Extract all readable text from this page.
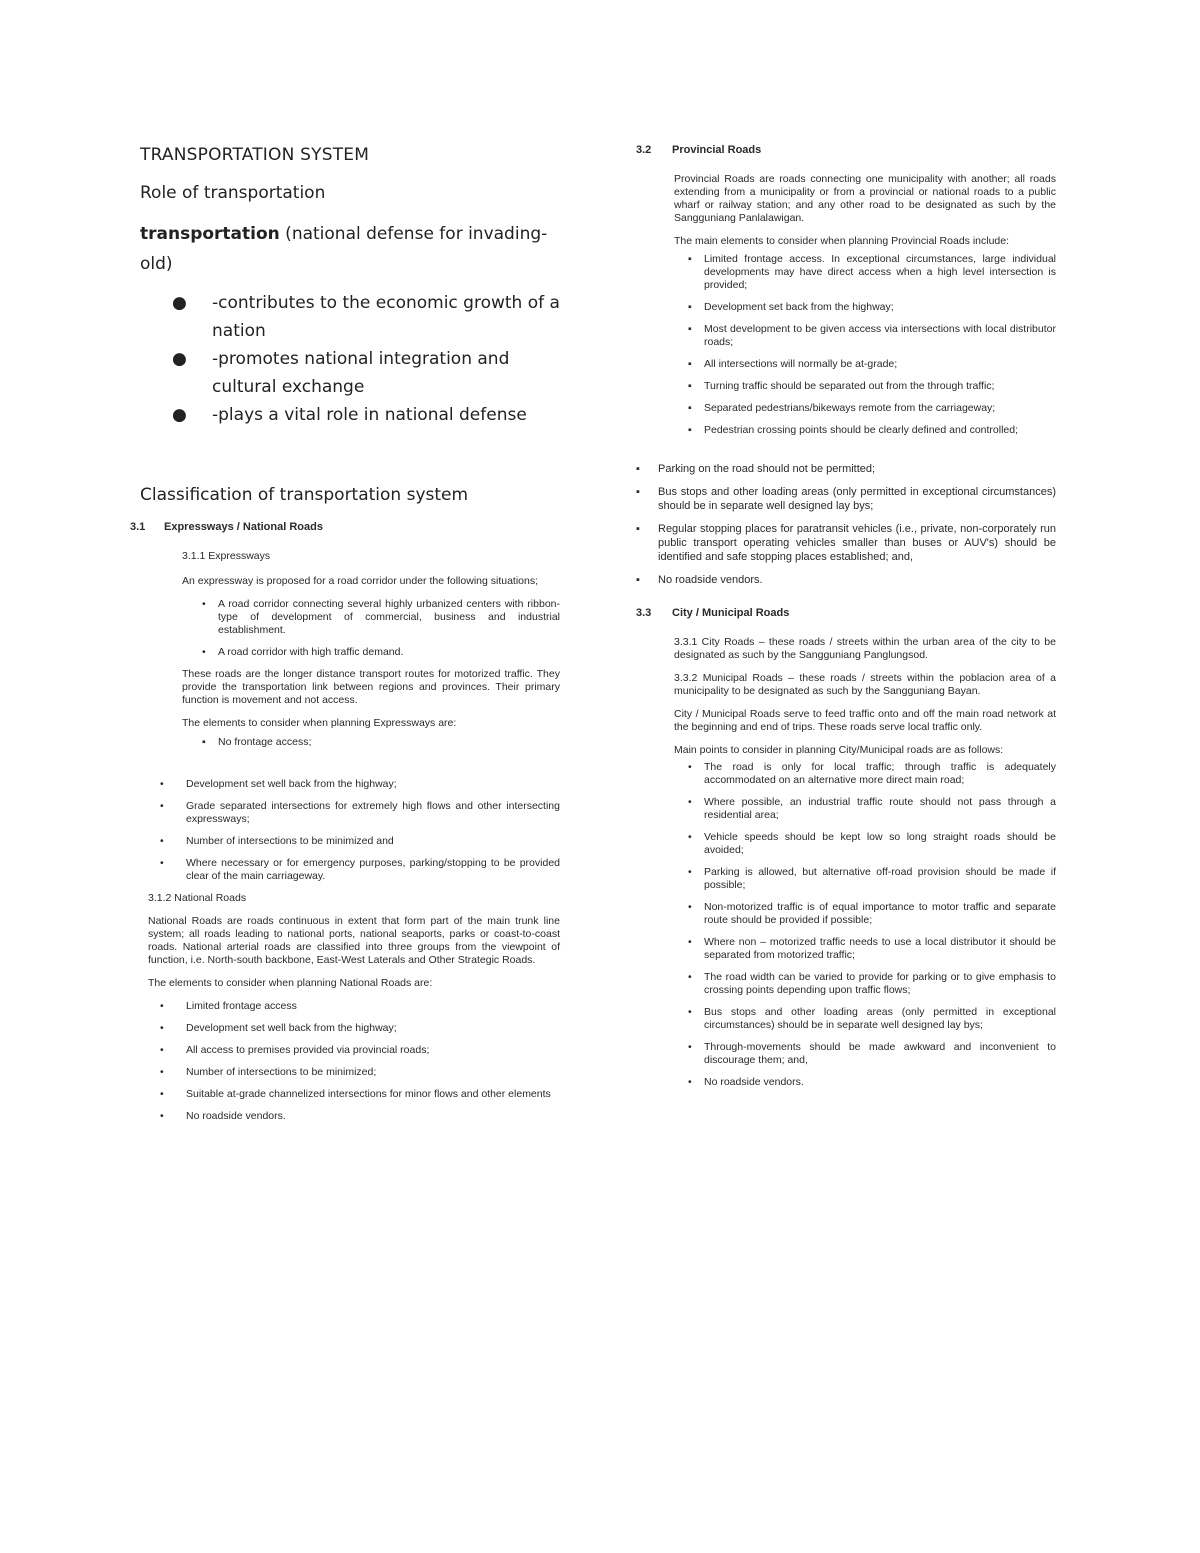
TRANSPORTATION SYSTEM
Role of transportation
transportation (national defense for invading-old)
● -contributes to the economic growth of a nation
● -promotes national integration and cultural exchange
● -plays a vital role in national defense
Classification of transportation system
3.1	Expressways / National Roads
3.1.1 Expressways
An expressway is proposed for a road corridor under the following situations;
• A road corridor connecting several highly urbanized centers with ribbon-type of development of commercial, business and industrial establishment.
• A road corridor with high traffic demand.
These roads are the longer distance transport routes for motorized traffic. They provide the transportation link between regions and provinces. Their primary function is movement and not access.
The elements to consider when planning Expressways are:
▪ No frontage access;
• Development set well back from the highway;
• Grade separated intersections for extremely high flows and other intersecting expressways;
• Number of intersections to be minimized and
• Where necessary or for emergency purposes, parking/stopping to be provided clear of the main carriageway.
3.1.2 National Roads
National Roads are roads continuous in extent that form part of the main trunk line system; all roads leading to national ports, national seaports, parks or coast-to-coast roads. National arterial roads are classified into three groups from the viewpoint of function, i.e. North-south backbone, East-West Laterals and Other Strategic Roads.
The elements to consider when planning National Roads are:
• Limited frontage access
• Development set well back from the highway;
• All access to premises provided via provincial roads;
• Number of intersections to be minimized;
• Suitable at-grade channelized intersections for minor flows and other elements
• No roadside vendors.
3.2	Provincial Roads
Provincial Roads are roads connecting one municipality with another; all roads extending from a municipality or from a provincial or national roads to a public wharf or railway station; and any other road to be designated as such by the Sangguniang Panlalawigan.
The main elements to consider when planning Provincial Roads include:
▪ Limited frontage access. In exceptional circumstances, large individual developments may have direct access when a high level intersection is provided;
▪ Development set back from the highway;
▪ Most development to be given access via intersections with local distributor roads;
▪ All intersections will normally be at-grade;
▪ Turning traffic should be separated out from the through traffic;
▪ Separated pedestrians/bikeways remote from the carriageway;
▪ Pedestrian crossing points should be clearly defined and controlled;
▪ Parking on the road should not be permitted;
▪ Bus stops and other loading areas (only permitted in exceptional circumstances) should be in separate well designed lay bys;
▪ Regular stopping places for paratransit vehicles (i.e., private, non-corporately run public transport operating vehicles smaller than buses or AUV's) should be identified and safe stopping places established; and,
▪ No roadside vendors.
3.3	City / Municipal Roads
3.3.1 City Roads – these roads / streets within the urban area of the city to be designated as such by the Sangguniang Panglungsod.
3.3.2 Municipal Roads – these roads / streets within the poblacion area of a municipality to be designated as such by the Sangguniang Bayan.
City / Municipal Roads serve to feed traffic onto and off the main road network at the beginning and end of trips. These roads serve local traffic only.
Main points to consider in planning City/Municipal roads are as follows:
• The road is only for local traffic; through traffic is adequately accommodated on an alternative more direct main road;
• Where possible, an industrial traffic route should not pass through a residential area;
• Vehicle speeds should be kept low so long straight roads should be avoided;
• Parking is allowed, but alternative off-road provision should be made if possible;
• Non-motorized traffic is of equal importance to motor traffic and separate route should be provided if possible;
• Where non – motorized traffic needs to use a local distributor it should be separated from motorized traffic;
• The road width can be varied to provide for parking or to give emphasis to crossing points depending upon traffic flows;
• Bus stops and other loading areas (only permitted in exceptional circumstances) should be in separate well designed lay bys;
• Through-movements should be made awkward and inconvenient to discourage them; and,
• No roadside vendors.
